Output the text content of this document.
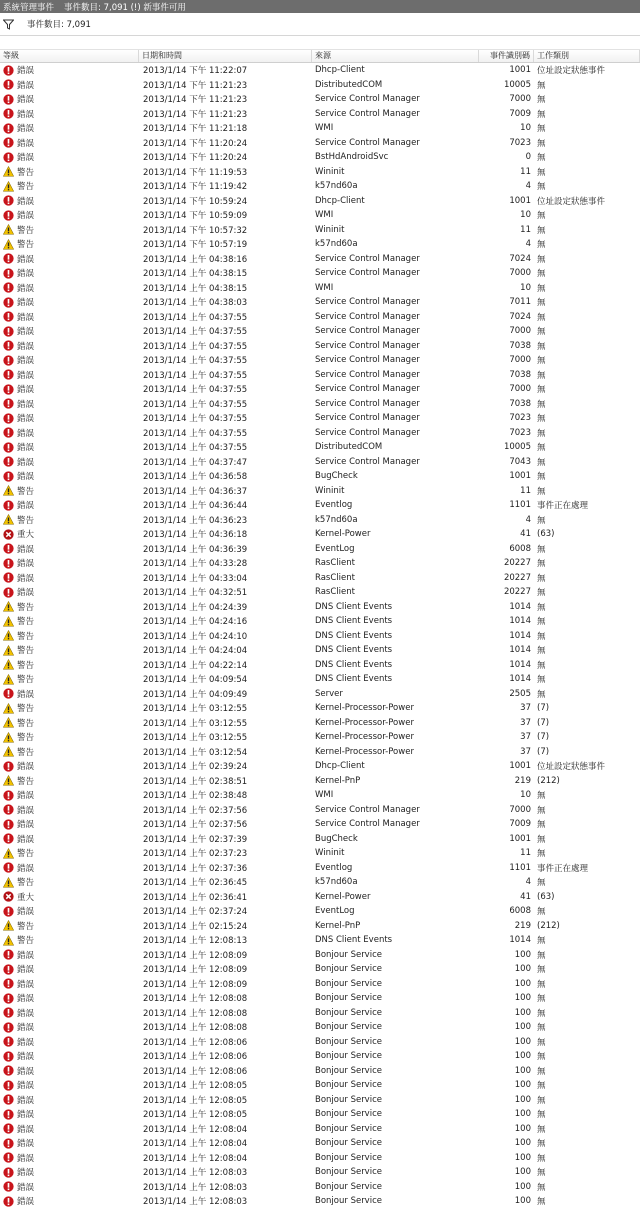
系統管理事件 事件數目: 7,091 (!) 新事件可用
事件數目: 7,091
等級	日期和時間	來源	事件識別碼 工作類別
錯誤	2013/1/14 下午 11:22:07	Dhcp-Client	1001 位址設定狀態事件
錯誤	2013/1/14 下午 11:21:23	DistributedCOM	10005 無
錯誤	2013/1/14 下午 11:21:23	Service Control Manager	7000 無
錯誤	2013/1/14 下午 11:21:23	Service Control Manager	7009 無
錯誤	2013/1/14 下午 11:21:18	WMI	10 無
錯誤	2013/1/14 下午 11:20:24	Service Control Manager	7023 無
錯誤	2013/1/14 下午 11:20:24	BstHdAndroidSvc	0 無
警告	2013/1/14 下午 11:19:53	Wininit	11 無
警告	2013/1/14 下午 11:19:42	k57nd60a	4 無
錯誤	2013/1/14 下午 10:59:24	Dhcp-Client	1001 位址設定狀態事件
錯誤	2013/1/14 下午 10:59:09	WMI	10 無
警告	2013/1/14 下午 10:57:32	Wininit	11 無
警告	2013/1/14 下午 10:57:19	k57nd60a	4 無
錯誤	2013/1/14 上午 04:38:16	Service Control Manager	7024 無
錯誤	2013/1/14 上午 04:38:15	Service Control Manager	7000 無
錯誤	2013/1/14 上午 04:38:15	WMI	10 無
錯誤	2013/1/14 上午 04:38:03	Service Control Manager	7011 無
錯誤	2013/1/14 上午 04:37:55	Service Control Manager	7024 無
錯誤	2013/1/14 上午 04:37:55	Service Control Manager	7000 無
錯誤	2013/1/14 上午 04:37:55	Service Control Manager	7038 無
錯誤	2013/1/14 上午 04:37:55	Service Control Manager	7000 無
錯誤	2013/1/14 上午 04:37:55	Service Control Manager	7038 無
錯誤	2013/1/14 上午 04:37:55	Service Control Manager	7000 無
錯誤	2013/1/14 上午 04:37:55	Service Control Manager	7038 無
錯誤	2013/1/14 上午 04:37:55	Service Control Manager	7023 無
錯誤	2013/1/14 上午 04:37:55	Service Control Manager	7023 無
錯誤	2013/1/14 上午 04:37:55	DistributedCOM	10005 無
錯誤	2013/1/14 上午 04:37:47	Service Control Manager	7043 無
錯誤	2013/1/14 上午 04:36:58	BugCheck	1001 無
警告	2013/1/14 上午 04:36:37	Wininit	11 無
錯誤	2013/1/14 上午 04:36:44	Eventlog	1101 事件正在處理
警告	2013/1/14 上午 04:36:23	k57nd60a	4 無
重大	2013/1/14 上午 04:36:18	Kernel-Power	41 (63)
錯誤	2013/1/14 上午 04:36:39	EventLog	6008 無
錯誤	2013/1/14 上午 04:33:28	RasClient	20227 無
錯誤	2013/1/14 上午 04:33:04	RasClient	20227 無
錯誤	2013/1/14 上午 04:32:51	RasClient	20227 無
警告	2013/1/14 上午 04:24:39	DNS Client Events	1014 無
警告	2013/1/14 上午 04:24:16	DNS Client Events	1014 無
警告	2013/1/14 上午 04:24:10	DNS Client Events	1014 無
警告	2013/1/14 上午 04:24:04	DNS Client Events	1014 無
警告	2013/1/14 上午 04:22:14	DNS Client Events	1014 無
警告	2013/1/14 上午 04:09:54	DNS Client Events	1014 無
錯誤	2013/1/14 上午 04:09:49	Server	2505 無
警告	2013/1/14 上午 03:12:55	Kernel-Processor-Power	37 (7)
警告	2013/1/14 上午 03:12:55	Kernel-Processor-Power	37 (7)
警告	2013/1/14 上午 03:12:55	Kernel-Processor-Power	37 (7)
警告	2013/1/14 上午 03:12:54	Kernel-Processor-Power	37 (7)
錯誤	2013/1/14 上午 02:39:24	Dhcp-Client	1001 位址設定狀態事件
警告	2013/1/14 上午 02:38:51	Kernel-PnP	219 (212)
錯誤	2013/1/14 上午 02:38:48	WMI	10 無
錯誤	2013/1/14 上午 02:37:56	Service Control Manager	7000 無
錯誤	2013/1/14 上午 02:37:56	Service Control Manager	7009 無
錯誤	2013/1/14 上午 02:37:39	BugCheck	1001 無
警告	2013/1/14 上午 02:37:23	Wininit	11 無
錯誤	2013/1/14 上午 02:37:36	Eventlog	1101 事件正在處理
警告	2013/1/14 上午 02:36:45	k57nd60a	4 無
重大	2013/1/14 上午 02:36:41	Kernel-Power	41 (63)
錯誤	2013/1/14 上午 02:37:24	EventLog	6008 無
警告	2013/1/14 上午 02:15:24	Kernel-PnP	219 (212)
警告	2013/1/14 上午 12:08:13	DNS Client Events	1014 無
錯誤	2013/1/14 上午 12:08:09	Bonjour Service	100 無
錯誤	2013/1/14 上午 12:08:09	Bonjour Service	100 無
錯誤	2013/1/14 上午 12:08:09	Bonjour Service	100 無
錯誤	2013/1/14 上午 12:08:08	Bonjour Service	100 無
錯誤	2013/1/14 上午 12:08:08	Bonjour Service	100 無
錯誤	2013/1/14 上午 12:08:08	Bonjour Service	100 無
錯誤	2013/1/14 上午 12:08:06	Bonjour Service	100 無
錯誤	2013/1/14 上午 12:08:06	Bonjour Service	100 無
錯誤	2013/1/14 上午 12:08:06	Bonjour Service	100 無
錯誤	2013/1/14 上午 12:08:05	Bonjour Service	100 無
錯誤	2013/1/14 上午 12:08:05	Bonjour Service	100 無
錯誤	2013/1/14 上午 12:08:05	Bonjour Service	100 無
錯誤	2013/1/14 上午 12:08:04	Bonjour Service	100 無
錯誤	2013/1/14 上午 12:08:04	Bonjour Service	100 無
錯誤	2013/1/14 上午 12:08:04	Bonjour Service	100 無
錯誤	2013/1/14 上午 12:08:03	Bonjour Service	100 無
錯誤	2013/1/14 上午 12:08:03	Bonjour Service	100 無
錯誤	2013/1/14 上午 12:08:03	Bonjour Service	100 無
